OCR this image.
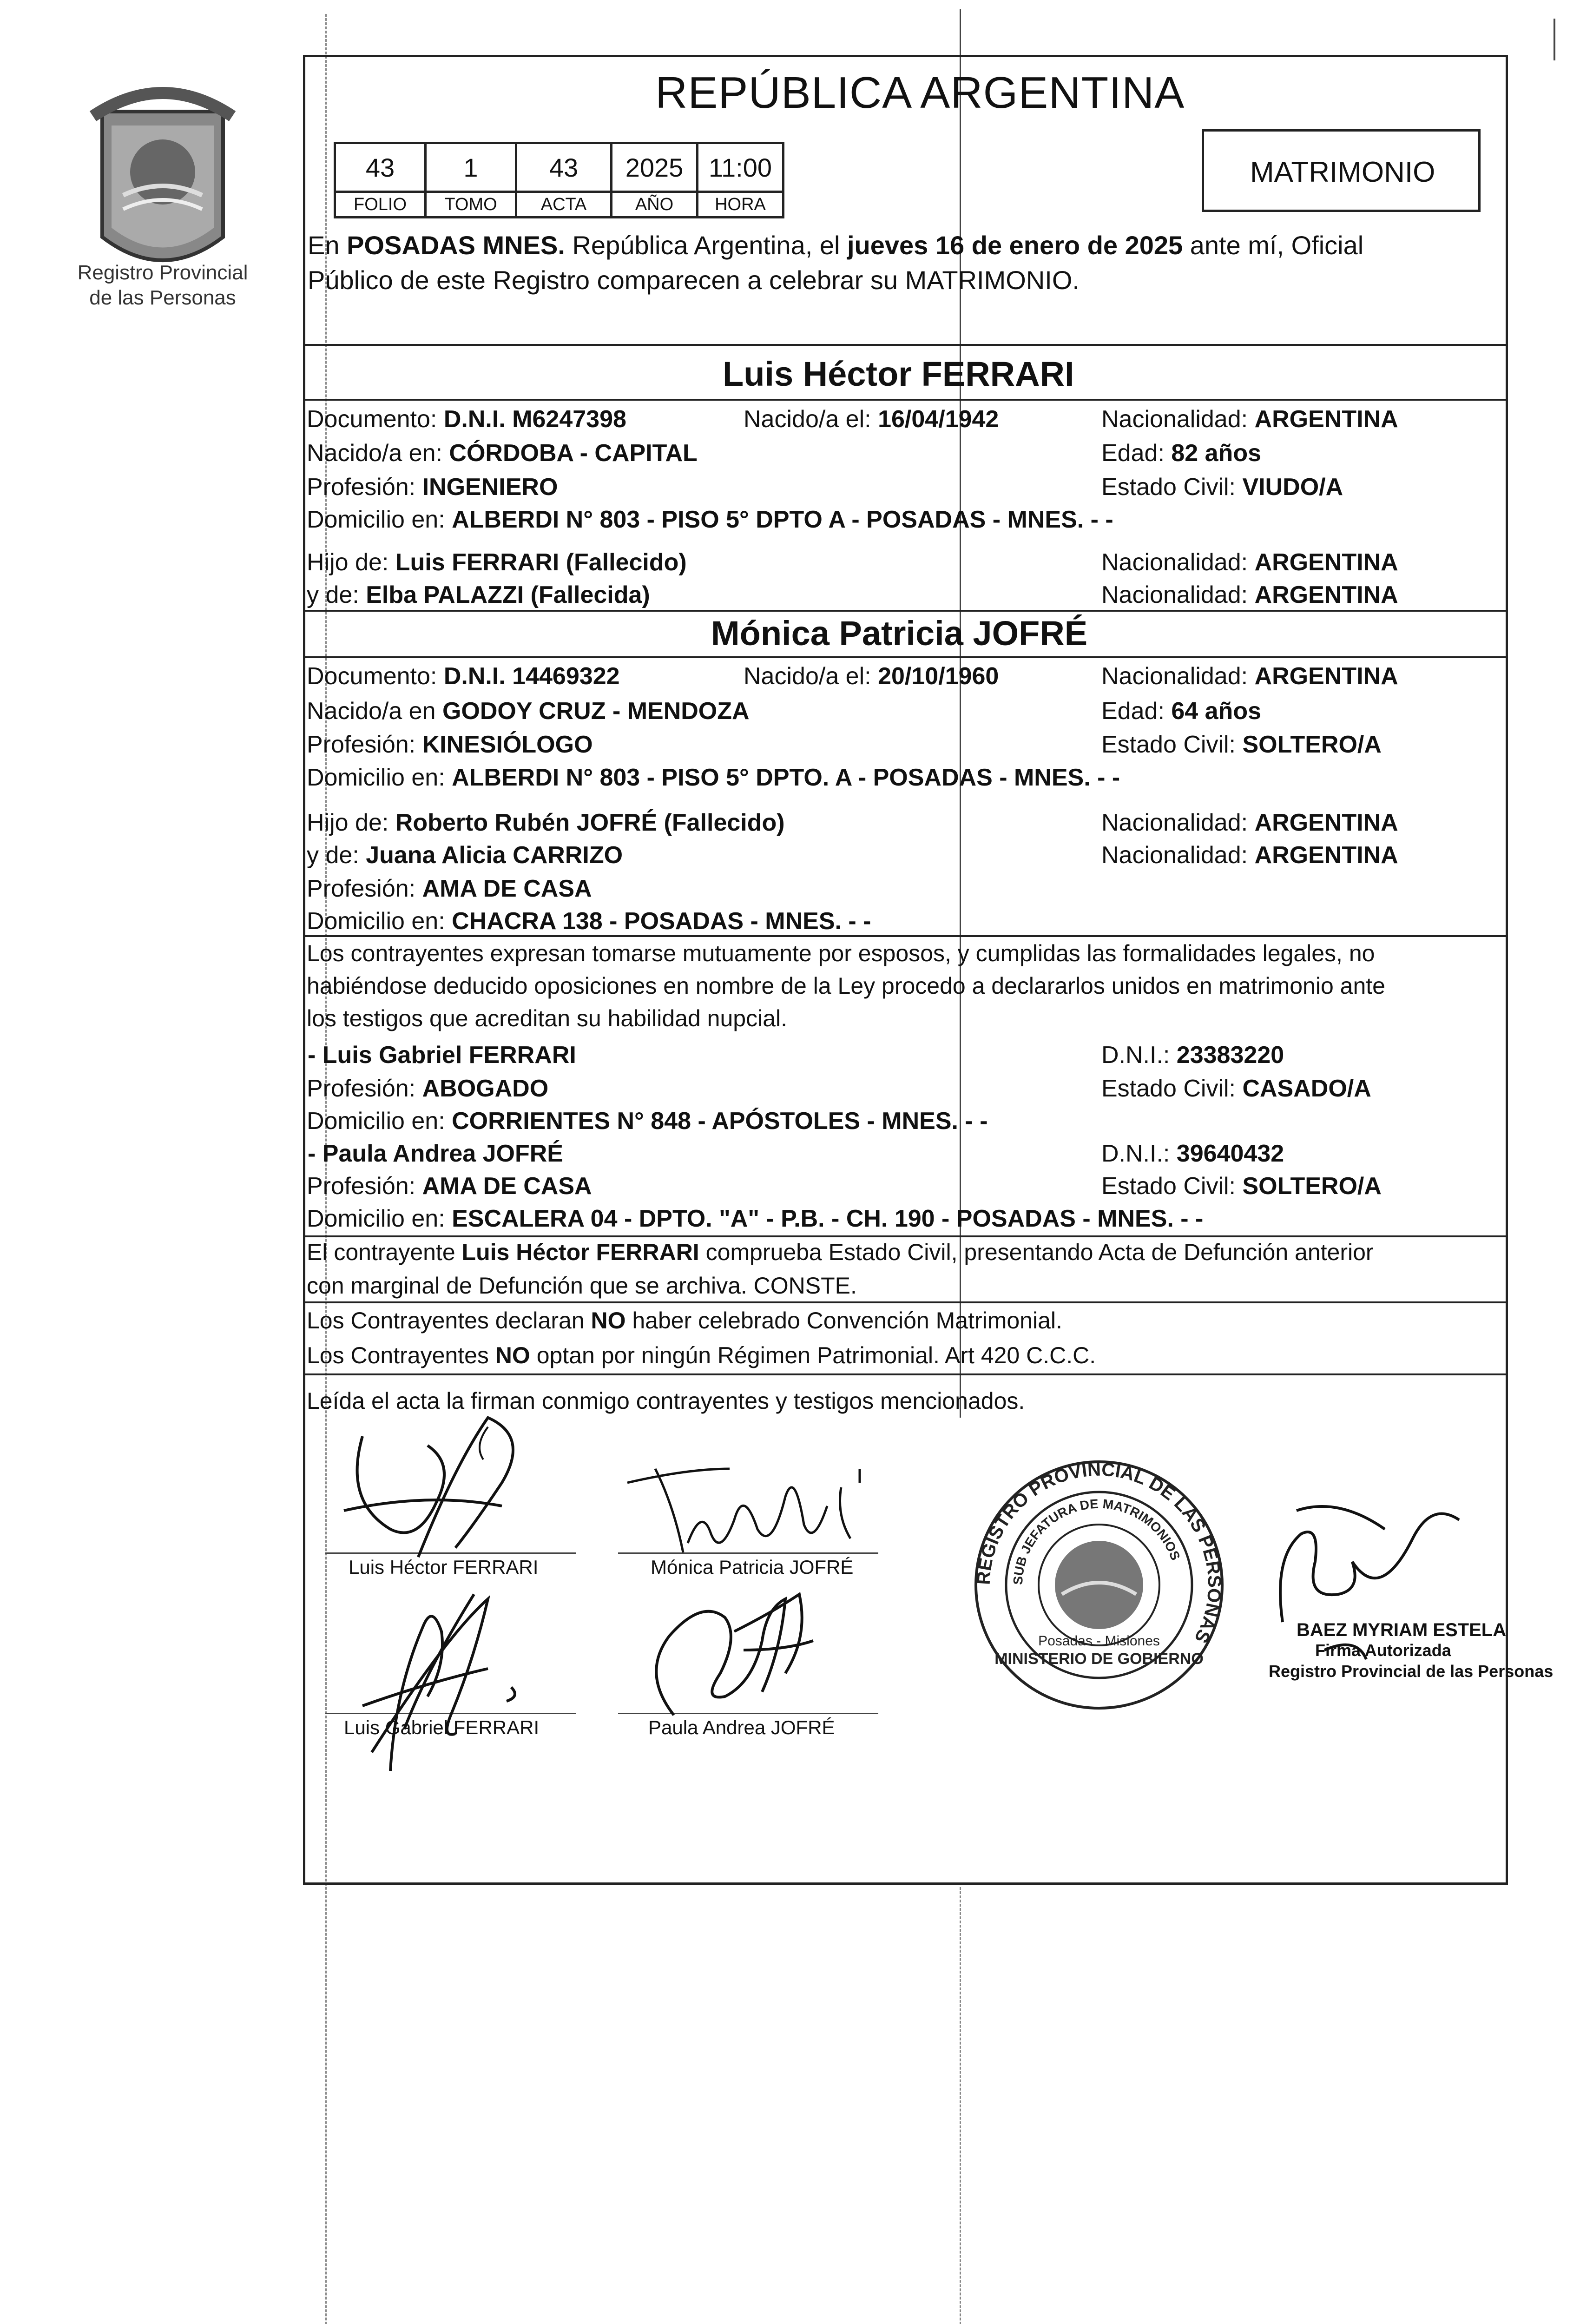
Registro Provincial
de las Personas
REPÚBLICA ARGENTINA
43	1	43	2025	11:00
FOLIO	TOMO	ACTA	AÑO	HORA
MATRIMONIO
En POSADAS MNES. República Argentina, el jueves 16 de enero de 2025 ante mí, Oficial
Público de este Registro comparecen a celebrar su MATRIMONIO.
Luis Héctor FERRARI
Documento: D.N.I. M6247398	Nacido/a el: 16/04/1942	Nacionalidad: ARGENTINA
Nacido/a en: CÓRDOBA - CAPITAL	Edad: 82 años
Profesión: INGENIERO	Estado Civil: VIUDO/A
Domicilio en: ALBERDI N° 803 - PISO 5° DPTO A - POSADAS - MNES. - -
Hijo de: Luis FERRARI (Fallecido)	Nacionalidad: ARGENTINA
y de: Elba PALAZZI (Fallecida)	Nacionalidad: ARGENTINA
Mónica Patricia JOFRÉ
Documento: D.N.I. 14469322	Nacido/a el: 20/10/1960	Nacionalidad: ARGENTINA
Nacido/a en GODOY CRUZ - MENDOZA	Edad: 64 años
Profesión: KINESIÓLOGO	Estado Civil: SOLTERO/A
Domicilio en: ALBERDI N° 803 - PISO 5° DPTO. A - POSADAS - MNES. - -
Hijo de: Roberto Rubén JOFRÉ (Fallecido)	Nacionalidad: ARGENTINA
y de: Juana Alicia CARRIZO	Nacionalidad: ARGENTINA
Profesión: AMA DE CASA
Domicilio en: CHACRA 138 - POSADAS - MNES. - -
Los contrayentes expresan tomarse mutuamente por esposos, y cumplidas las formalidades legales, no
habiéndose deducido oposiciones en nombre de la Ley procedo a declararlos unidos en matrimonio ante
los testigos que acreditan su habilidad nupcial.
- Luis Gabriel FERRARI	D.N.I.: 23383220
Profesión: ABOGADO	Estado Civil: CASADO/A
Domicilio en: CORRIENTES N° 848 - APÓSTOLES - MNES. - -
- Paula Andrea JOFRÉ	D.N.I.: 39640432
Profesión: AMA DE CASA	Estado Civil: SOLTERO/A
Domicilio en: ESCALERA 04 - DPTO. "A" - P.B. - CH. 190 - POSADAS - MNES. - -
El contrayente Luis Héctor FERRARI comprueba Estado Civil, presentando Acta de Defunción anterior
con marginal de Defunción que se archiva. CONSTE.
Los Contrayentes declaran NO haber celebrado Convención Matrimonial.
Los Contrayentes NO optan por ningún Régimen Patrimonial. Art 420 C.C.C.
Leída el acta la firman conmigo contrayentes y testigos mencionados.
Luis Héctor FERRARI	Mónica Patricia JOFRÉ
Luis Gabriel FERRARI	Paula Andrea JOFRÉ
REGISTRO PROVINCIAL DE LAS PERSONAS
SUB JEFATURA DE MATRIMONIOS
MINISTERIO DE GOBIERNO
Posadas - Misiones
BAEZ MYRIAM ESTELA
Firma Autorizada
Registro Provincial de las Personas
